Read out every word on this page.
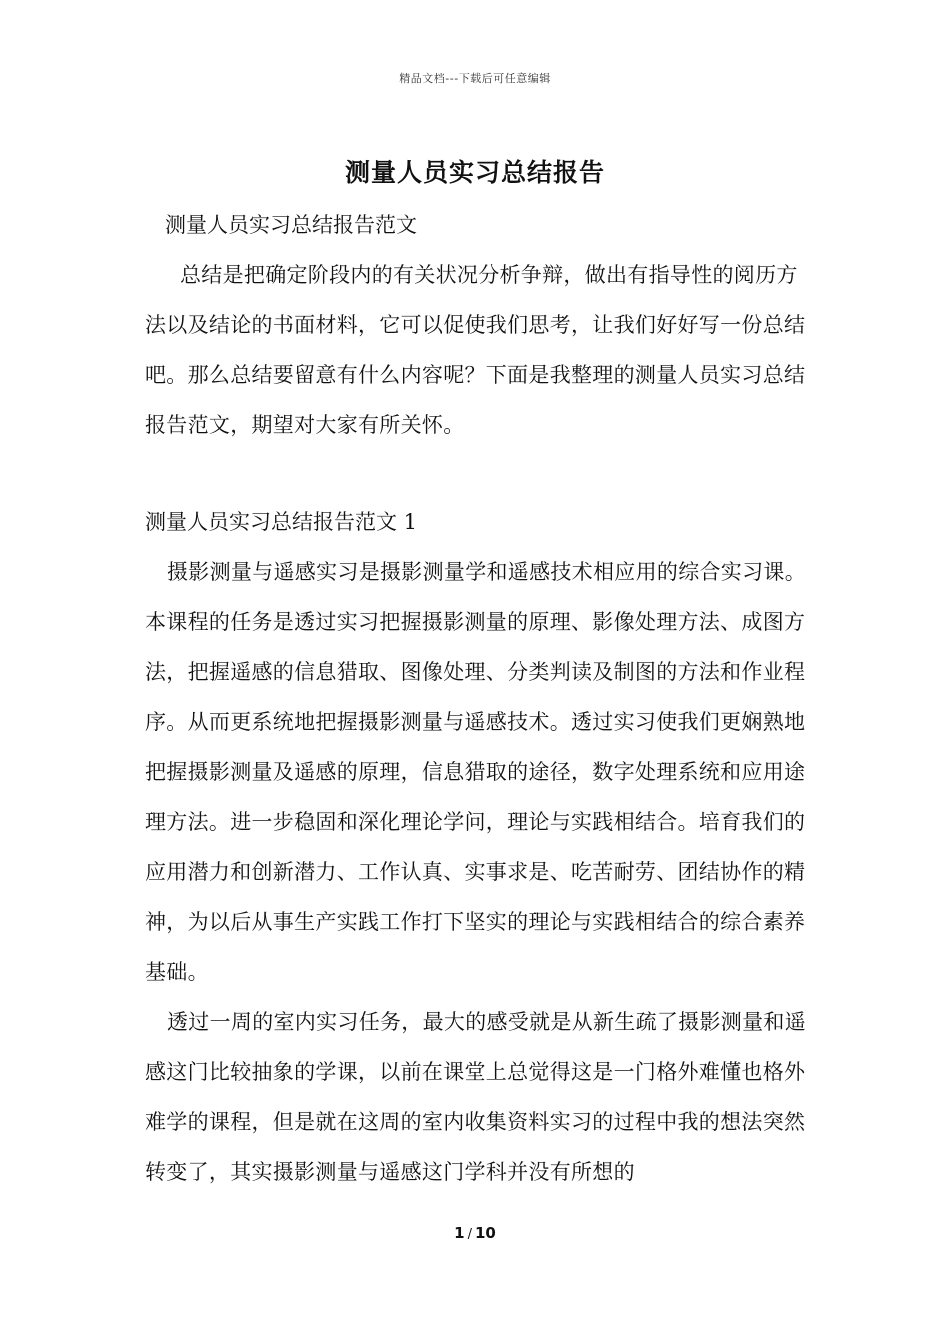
精品文档---下载后可任意编辑
测量人员实习总结报告
测量人员实习总结报告范文
总结是把确定阶段内的有关状况分析争辩，做出有指导性的阅历方法以及结论的书面材料，它可以促使我们思考，让我们好好写一份总结吧。那么总结要留意有什么内容呢？下面是我整理的测量人员实习总结报告范文，期望对大家有所关怀。
测量人员实习总结报告范文 1
摄影测量与遥感实习是摄影测量学和遥感技术相应用的综合实习课。本课程的任务是透过实习把握摄影测量的原理、影像处理方法、成图方法，把握遥感的信息猎取、图像处理、分类判读及制图的方法和作业程序。从而更系统地把握摄影测量与遥感技术。透过实习使我们更娴熟地把握摄影测量及遥感的原理，信息猎取的途径，数字处理系统和应用途理方法。进一步稳固和深化理论学问，理论与实践相结合。培育我们的应用潜力和创新潜力、工作认真、实事求是、吃苦耐劳、团结协作的精神，为以后从事生产实践工作打下坚实的理论与实践相结合的综合素养基础。
透过一周的室内实习任务，最大的感受就是从新生疏了摄影测量和遥感这门比较抽象的学课，以前在课堂上总觉得这是一门格外难懂也格外难学的课程，但是就在这周的室内收集资料实习的过程中我的想法突然转变了，其实摄影测量与遥感这门学科并没有所想的
1 / 10
